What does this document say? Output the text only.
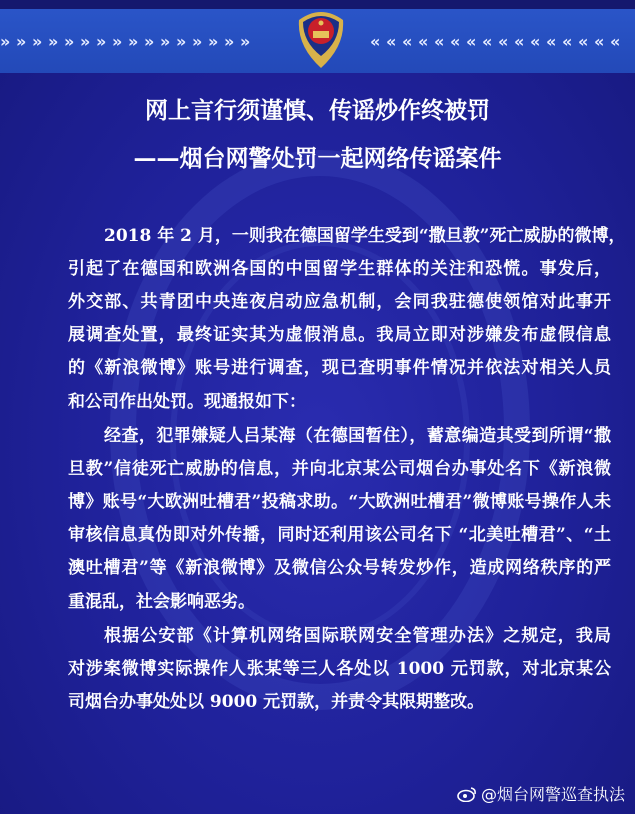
» » » » » » » » » » » » » » » »	« « « « « « « « « « « « « « « «
网上言行须谨慎、传谣炒作终被罚
——烟台网警处罚一起网络传谣案件
2018 年 2 月，一则我在德国留学生受到“撒旦教”死亡威胁的微博，
引起了在德国和欧洲各国的中国留学生群体的关注和恐慌。事发后，
外交部、共青团中央连夜启动应急机制，会同我驻德使领馆对此事开
展调查处置，最终证实其为虚假消息。我局立即对涉嫌发布虚假信息
的《新浪微博》账号进行调查，现已查明事件情况并依法对相关人员
和公司作出处罚。现通报如下：
经查，犯罪嫌疑人吕某海（在德国暂住），蓄意编造其受到所谓“撒
旦教”信徒死亡威胁的信息，并向北京某公司烟台办事处名下《新浪微
博》账号“大欧洲吐槽君”投稿求助。“大欧洲吐槽君”微博账号操作人未
审核信息真伪即对外传播，同时还利用该公司名下 “北美吐槽君”、“土
澳吐槽君”等《新浪微博》及微信公众号转发炒作，造成网络秩序的严
重混乱，社会影响恶劣。
根据公安部《计算机网络国际联网安全管理办法》之规定，我局
对涉案微博实际操作人张某等三人各处以 1000 元罚款，对北京某公
司烟台办事处处以 9000 元罚款，并责令其限期整改。
@烟台网警巡查执法
